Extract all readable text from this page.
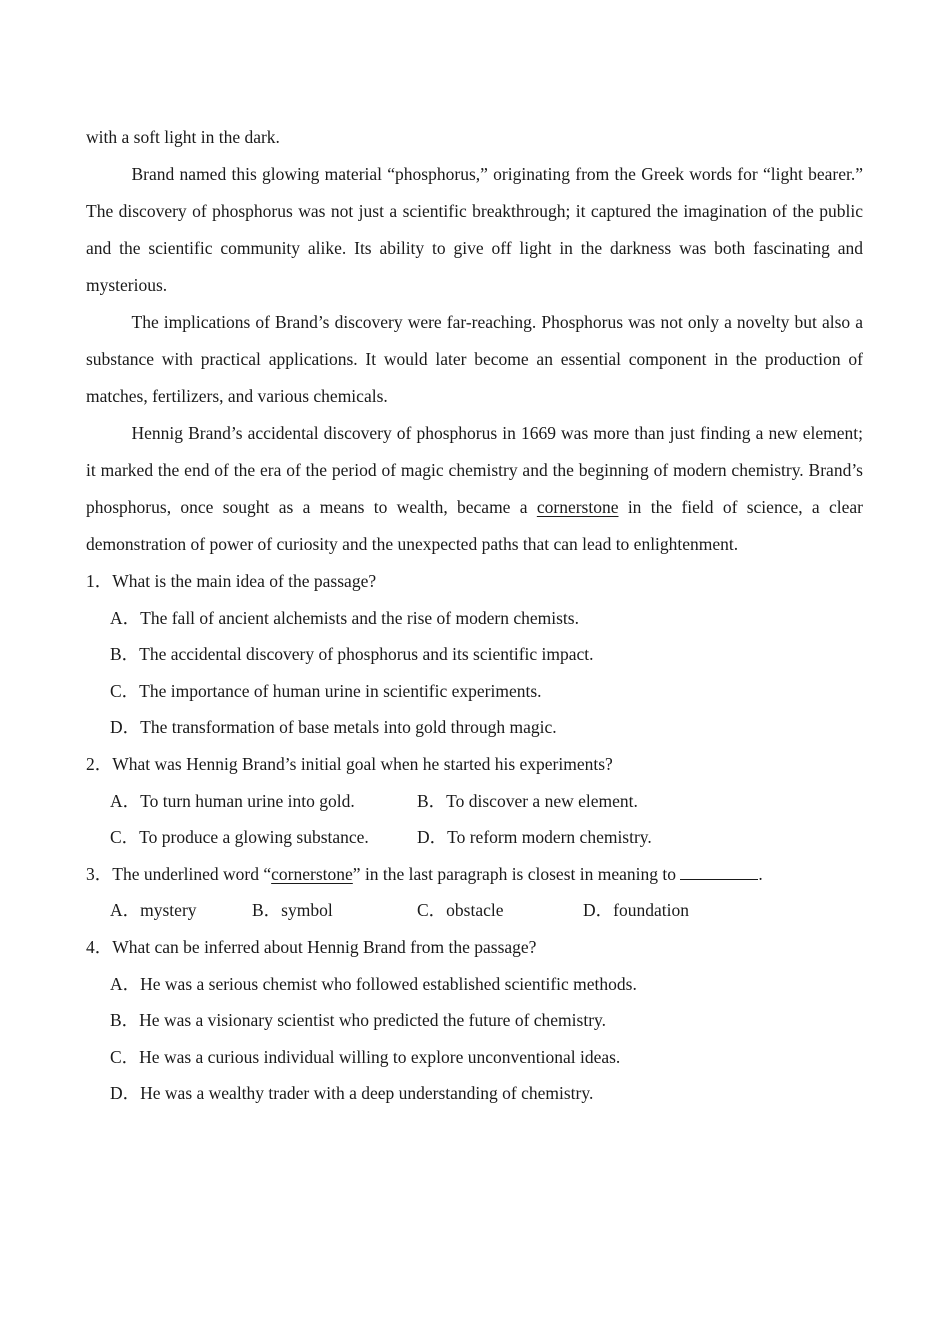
with a soft light in the dark.

Brand named this glowing material “phosphorus,” originating from the Greek words for “light bearer.” The discovery of phosphorus was not just a scientific breakthrough; it captured the imagination of the public and the scientific community alike. Its ability to give off light in the darkness was both fascinating and mysterious.

The implications of Brand’s discovery were far-reaching. Phosphorus was not only a novelty but also a substance with practical applications. It would later become an essential component in the production of matches, fertilizers, and various chemicals.

Hennig Brand’s accidental discovery of phosphorus in 1669 was more than just finding a new element; it marked the end of the era of the period of magic chemistry and the beginning of modern chemistry. Brand’s phosphorus, once sought as a means to wealth, became a cornerstone in the field of science, a clear demonstration of power of curiosity and the unexpected paths that can lead to enlightenment.

1．What is the main idea of the passage?
A．The fall of ancient alchemists and the rise of modern chemists.
B．The accidental discovery of phosphorus and its scientific impact.
C．The importance of human urine in scientific experiments.
D．The transformation of base metals into gold through magic.
2．What was Hennig Brand’s initial goal when he started his experiments?
A．To turn human urine into gold.	B．To discover a new element.
C．To produce a glowing substance.	D．To reform modern chemistry.
3．The underlined word “cornerstone” in the last paragraph is closest in meaning to	.
A．mystery	B．symbol	C．obstacle	D．foundation
4．What can be inferred about Hennig Brand from the passage?
A．He was a serious chemist who followed established scientific methods.
B．He was a visionary scientist who predicted the future of chemistry.
C．He was a curious individual willing to explore unconventional ideas.
D．He was a wealthy trader with a deep understanding of chemistry.
